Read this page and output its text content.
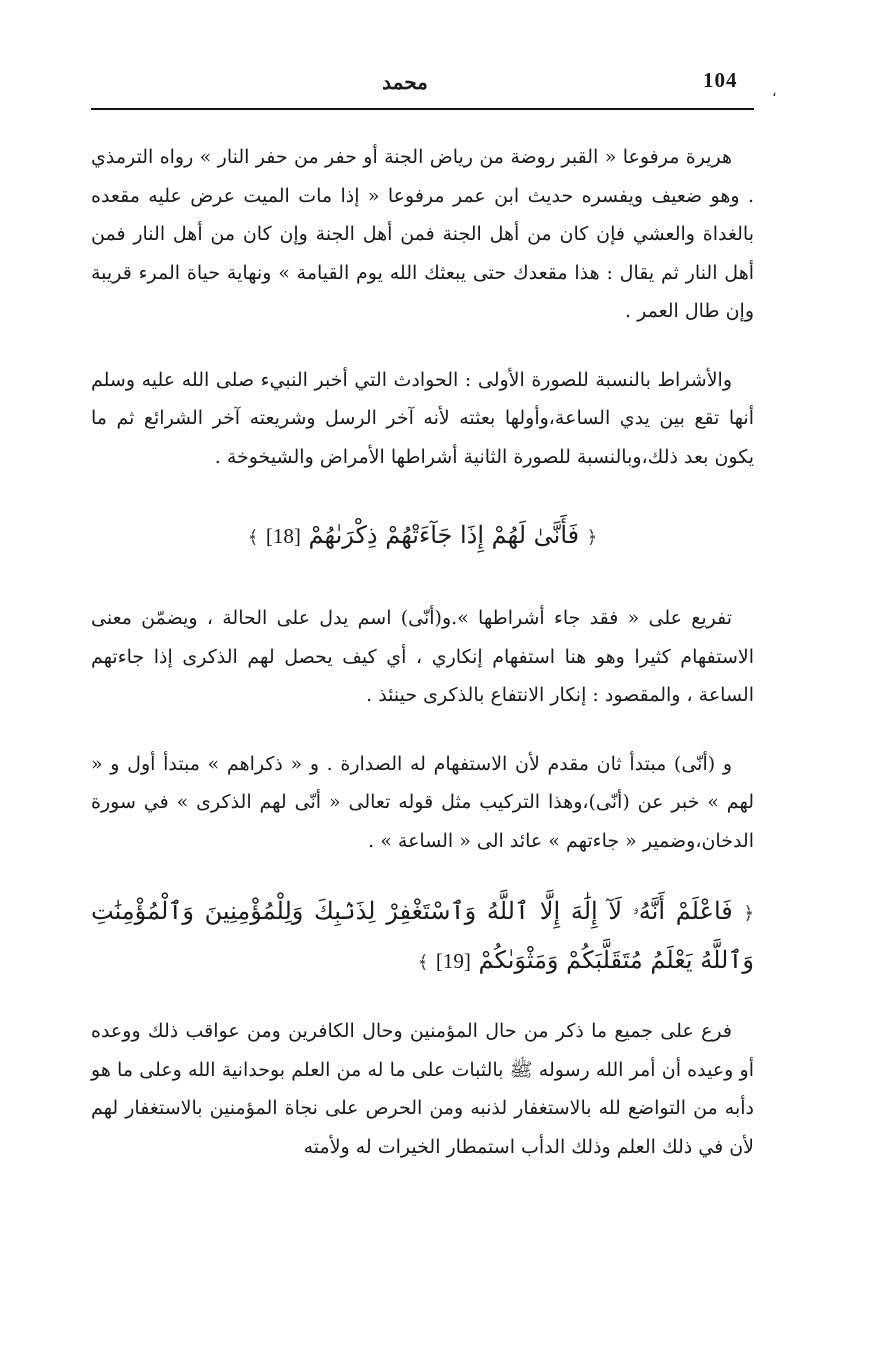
104
،
محمد

هريرة مرفوعا « القبر روضة من رياض الجنة أو حفر من حفر النار » رواه الترمذي . وهو ضعيف ويفسره حديث ابن عمر مرفوعا « إذا مات الميت عرض عليه مقعده بالغداة والعشي فإن كان من أهل الجنة فمن أهل الجنة وإن كان من أهل النار فمن أهل النار ثم يقال : هذا مقعدك حتى يبعثك الله يوم القيامة » ونهاية حياة المرء قريبة وإن طال العمر .

والأشراط بالنسبة للصورة الأولى : الحوادث التي أخبر النبيء صلى الله عليه وسلم أنها تقع بين يدي الساعة،وأولها بعثته لأنه آخر الرسل وشريعته آخر الشرائع ثم ما يكون بعد ذلك،وبالنسبة للصورة الثانية أشراطها الأمراض والشيخوخة .

﴿ فَأَنَّىٰ لَهُمْ إِذَا جَآءَتْهُمْ ذِكْرَىٰهُمْ [18] ﴾

تفريع على « فقد جاء أشراطها ».و(أنّى) اسم يدل على الحالة ، ويضمّن معنى الاستفهام كثيرا وهو هنا استفهام إنكاري ، أي كيف يحصل لهم الذكرى إذا جاءتهم الساعة ، والمقصود : إنكار الانتفاع بالذكرى حينئذ .

و (أنّى) مبتدأ ثان مقدم لأن الاستفهام له الصدارة . و « ذكراهم » مبتدأ أول و « لهم » خبر عن (أنّى)،وهذا التركيب مثل قوله تعالى « أنّى لهم الذكرى » في سورة الدخان،وضمير « جاءتهم » عائد الى « الساعة » .

﴿ فَاعْلَمْ أَنَّهُۥ لَآ إِلَٰهَ إِلَّا ٱللَّهُ وَٱسْتَغْفِرْ لِذَنۢبِكَ وَلِلْمُؤْمِنِينَ وَٱلْمُؤْمِنَٰتِ وَٱللَّهُ يَعْلَمُ مُتَقَلَّبَكُمْ وَمَثْوَىٰكُمْ [19] ﴾

فرع على جميع ما ذكر من حال المؤمنين وحال الكافرين ومن عواقب ذلك ووعده أو وعيده أن أمر الله رسوله ﷺ بالثبات على ما له من العلم بوحدانية الله وعلى ما هو دأبه من التواضع لله بالاستغفار لذنبه ومن الحرص على نجاة المؤمنين بالاستغفار لهم لأن في ذلك العلم وذلك الدأب استمطار الخيرات له ولأمته
